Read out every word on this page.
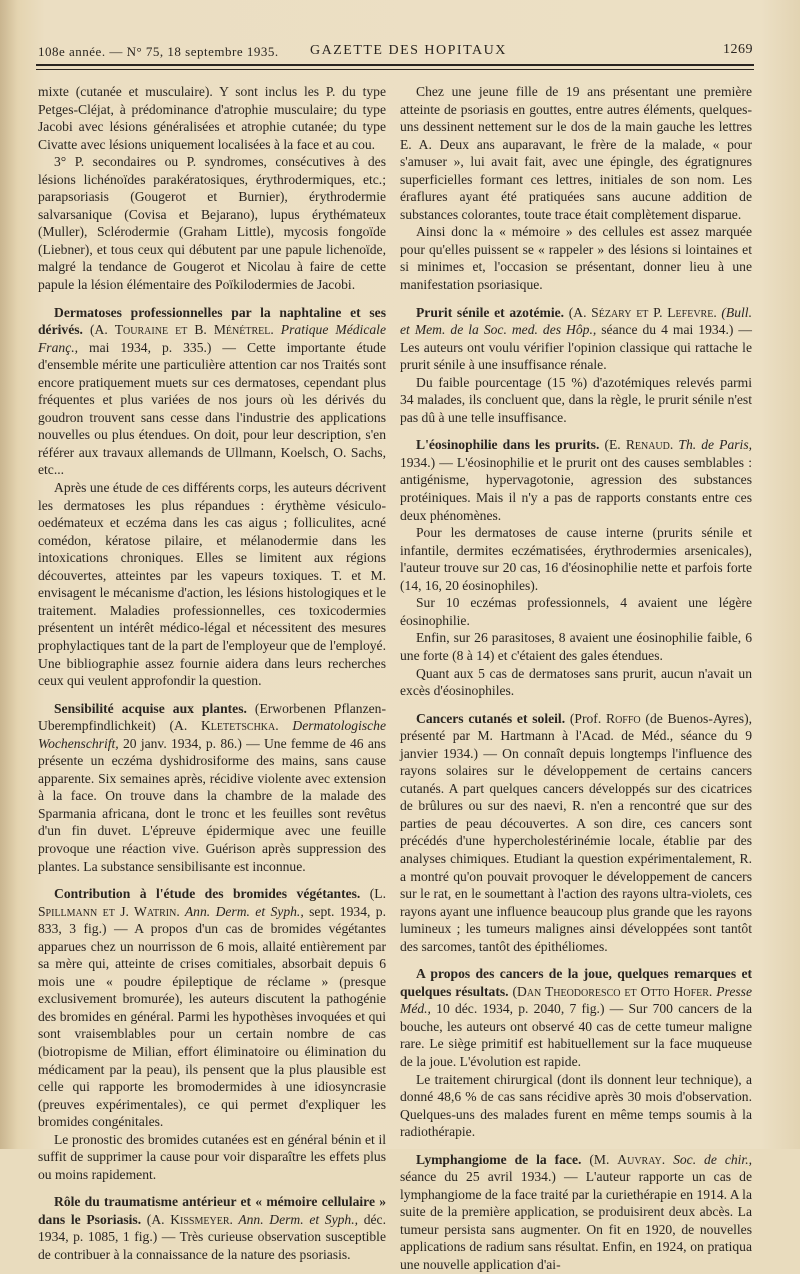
108e année. — N° 75, 18 septembre 1935. GAZETTE DES HOPITAUX	1269

mixte (cutanée et musculaire). Y sont inclus les P. du type Petges-Cléjat, à prédominance d'atrophie musculaire; du type Jacobi avec lésions généralisées et atrophie cutanée; du type Civatte avec lésions uniquement localisées à la face et au cou.

3° P. secondaires ou P. syndromes, consécutives à des lésions lichénoïdes parakératosiques, érythrodermiques, etc.; parapsoriasis (Gougerot et Burnier), érythrodermie salvarsanique (Covisa et Bejarano), lupus érythémateux (Muller), Sclérodermie (Graham Little), mycosis fongoïde (Liebner), et tous ceux qui débutent par une papule lichenoïde, malgré la tendance de Gougerot et Nicolau à faire de cette papule la lésion élémentaire des Poïkilodermies de Jacobi.

Dermatoses professionnelles par la naphtaline et ses dérivés. (A. Touraine et B. Ménétrel. Pratique Médicale Franç., mai 1934, p. 335.) — Cette importante étude d'ensemble mérite une particulière attention car nos Traités sont encore pratiquement muets sur ces dermatoses, cependant plus fréquentes et plus variées de nos jours où les dérivés du goudron trouvent sans cesse dans l'industrie des applications nouvelles ou plus étendues. On doit, pour leur description, s'en référer aux travaux allemands de Ullmann, Koelsch, O. Sachs, etc...

Après une étude de ces différents corps, les auteurs décrivent les dermatoses les plus répandues : érythème vésiculo-oedémateux et eczéma dans les cas aigus ; folliculites, acné comédon, kératose pilaire, et mélanodermie dans les intoxications chroniques. Elles se limitent aux régions découvertes, atteintes par les vapeurs toxiques. T. et M. envisagent le mécanisme d'action, les lésions histologiques et le traitement. Maladies professionnelles, ces toxicodermies présentent un intérêt médico-légal et nécessitent des mesures prophylactiques tant de la part de l'employeur que de l'employé. Une bibliographie assez fournie aidera dans leurs recherches ceux qui veulent approfondir la question.

Sensibilité acquise aux plantes. (Erworbenen Pflanzen-Uberempfindlichkeit) (A. Kletetschka. Dermatologische Wochenschrift, 20 janv. 1934, p. 86.) — Une femme de 46 ans présente un eczéma dyshidrosiforme des mains, sans cause apparente. Six semaines après, récidive violente avec extension à la face. On trouve dans la chambre de la malade des Sparmania africana, dont le tronc et les feuilles sont revêtus d'un fin duvet. L'épreuve épidermique avec une feuille provoque une réaction vive. Guérison après suppression des plantes. La substance sensibilisante est inconnue.

Contribution à l'étude des bromides végétantes. (L. Spillmann et J. Watrin. Ann. Derm. et Syph., sept. 1934, p. 833, 3 fig.) — A propos d'un cas de bromides végétantes apparues chez un nourrisson de 6 mois, allaité entièrement par sa mère qui, atteinte de crises comitiales, absorbait depuis 6 mois une « poudre épileptique de réclame » (presque exclusivement bromurée), les auteurs discutent la pathogénie des bromides en général. Parmi les hypothèses invoquées et qui sont vraisemblables pour un certain nombre de cas (biotropisme de Milian, effort éliminatoire ou élimination du médicament par la peau), ils pensent que la plus plausible est celle qui rapporte les bromodermides à une idiosyncrasie (preuves expérimentales), ce qui permet d'expliquer les bromides congénitales.

Le pronostic des bromides cutanées est en général bénin et il suffit de supprimer la cause pour voir disparaître les effets plus ou moins rapidement.

Rôle du traumatisme antérieur et « mémoire cellulaire » dans le Psoriasis. (A. Kissmeyer. Ann. Derm. et Syph., déc. 1934, p. 1085, 1 fig.) — Très curieuse observation susceptible de contribuer à la connaissance de la nature des psoriasis.

Chez une jeune fille de 19 ans présentant une première atteinte de psoriasis en gouttes, entre autres éléments, quelques-uns dessinent nettement sur le dos de la main gauche les lettres E. A. Deux ans auparavant, le frère de la malade, « pour s'amuser », lui avait fait, avec une épingle, des égratignures superficielles formant ces lettres, initiales de son nom. Les éraflures ayant été pratiquées sans aucune addition de substances colorantes, toute trace était complètement disparue.

Ainsi donc la « mémoire » des cellules est assez marquée pour qu'elles puissent se « rappeler » des lésions si lointaines et si minimes et, l'occasion se présentant, donner lieu à une manifestation psoriasique.

Prurit sénile et azotémie. (A. Sézary et P. Lefevre. (Bull. et Mem. de la Soc. med. des Hôp., séance du 4 mai 1934.) — Les auteurs ont voulu vérifier l'opinion classique qui rattache le prurit sénile à une insuffisance rénale.

Du faible pourcentage (15 %) d'azotémiques relevés parmi 34 malades, ils concluent que, dans la règle, le prurit sénile n'est pas dû à une telle insuffisance.

L'éosinophilie dans les prurits. (E. Renaud. Th. de Paris, 1934.) — L'éosinophilie et le prurit ont des causes semblables : antigénisme, hypervagotonie, agression des substances protéiniques. Mais il n'y a pas de rapports constants entre ces deux phénomènes.

Pour les dermatoses de cause interne (prurits sénile et infantile, dermites eczématisées, érythrodermies arsenicales), l'auteur trouve sur 20 cas, 16 d'éosinophilie nette et parfois forte (14, 16, 20 éosinophiles).

Sur 10 eczémas professionnels, 4 avaient une légère éosinophilie.

Enfin, sur 26 parasitoses, 8 avaient une éosinophilie faible, 6 une forte (8 à 14) et c'étaient des gales étendues.

Quant aux 5 cas de dermatoses sans prurit, aucun n'avait un excès d'éosinophiles.

Cancers cutanés et soleil. (Prof. Roffo (de Buenos-Ayres), présenté par M. Hartmann à l'Acad. de Méd., séance du 9 janvier 1934.) — On connaît depuis longtemps l'influence des rayons solaires sur le développement de certains cancers cutanés. A part quelques cancers développés sur des cicatrices de brûlures ou sur des naevi, R. n'en a rencontré que sur des parties de peau découvertes. A son dire, ces cancers sont précédés d'une hypercholestérinémie locale, établie par des analyses chimiques. Etudiant la question expérimentalement, R. a montré qu'on pouvait provoquer le développement de cancers sur le rat, en le soumettant à l'action des rayons ultra-violets, ces rayons ayant une influence beaucoup plus grande que les rayons lumineux ; les tumeurs malignes ainsi développées sont tantôt des sarcomes, tantôt des épithéliomes.

A propos des cancers de la joue, quelques remarques et quelques résultats. (Dan Theodoresco et Otto Hofer. Presse Méd., 10 déc. 1934, p. 2040, 7 fig.) — Sur 700 cancers de la bouche, les auteurs ont observé 40 cas de cette tumeur maligne rare. Le siège primitif est habituellement sur la face muqueuse de la joue. L'évolution est rapide.

Le traitement chirurgical (dont ils donnent leur technique), a donné 48,6 % de cas sans récidive après 30 mois d'observation. Quelques-uns des malades furent en même temps soumis à la radiothérapie.

Lymphangiome de la face. (M. Auvray. Soc. de chir., séance du 25 avril 1934.) — L'auteur rapporte un cas de lymphangiome de la face traité par la curiethérapie en 1914. A la suite de la première application, se produisirent deux abcès. La tumeur persista sans augmenter. On fit en 1920, de nouvelles applications de radium sans résultat. Enfin, en 1924, on pratiqua une nouvelle application d'ai-
